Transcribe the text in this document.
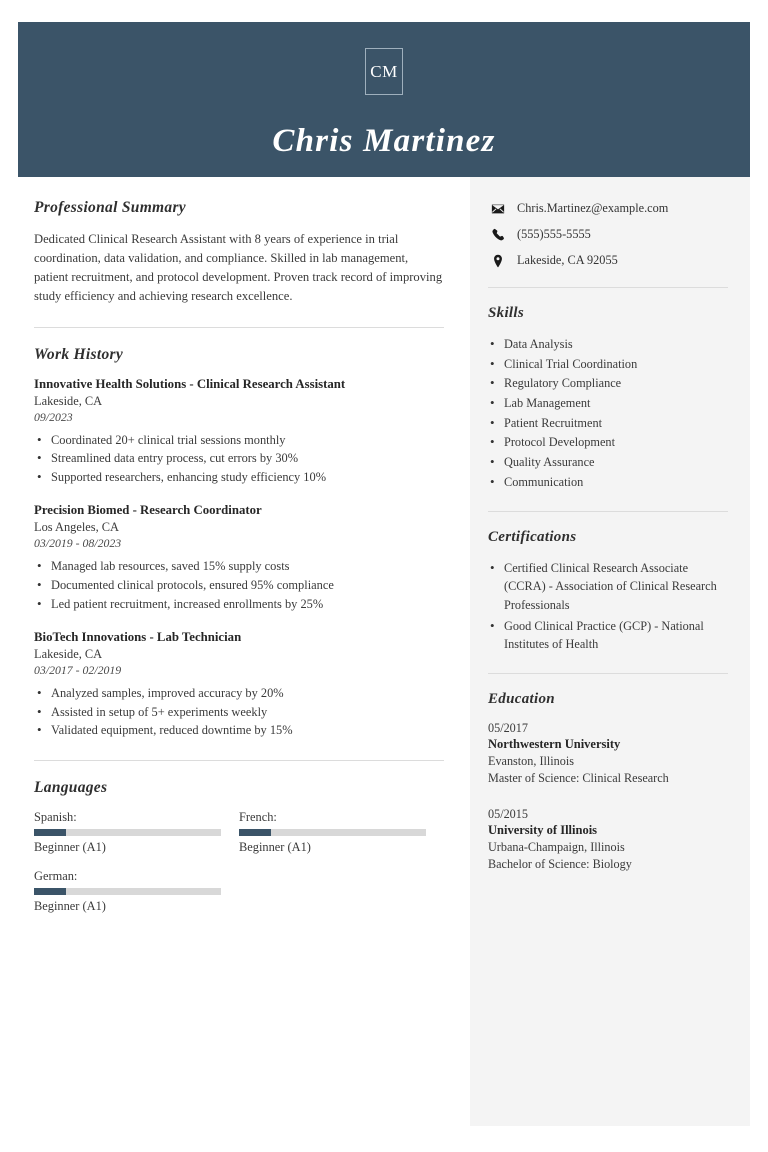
CM
Chris Martinez
Professional Summary
Dedicated Clinical Research Assistant with 8 years of experience in trial coordination, data validation, and compliance. Skilled in lab management, patient recruitment, and protocol development. Proven track record of improving study efficiency and achieving research excellence.
Work History
Innovative Health Solutions - Clinical Research Assistant
Lakeside, CA
09/2023
• Coordinated 20+ clinical trial sessions monthly
• Streamlined data entry process, cut errors by 30%
• Supported researchers, enhancing study efficiency 10%
Precision Biomed - Research Coordinator
Los Angeles, CA
03/2019 - 08/2023
• Managed lab resources, saved 15% supply costs
• Documented clinical protocols, ensured 95% compliance
• Led patient recruitment, increased enrollments by 25%
BioTech Innovations - Lab Technician
Lakeside, CA
03/2017 - 02/2019
• Analyzed samples, improved accuracy by 20%
• Assisted in setup of 5+ experiments weekly
• Validated equipment, reduced downtime by 15%
Languages
Spanish:
Beginner (A1)
French:
Beginner (A1)
German:
Beginner (A1)
Chris.Martinez@example.com
(555)555-5555
Lakeside, CA 92055
Skills
• Data Analysis
• Clinical Trial Coordination
• Regulatory Compliance
• Lab Management
• Patient Recruitment
• Protocol Development
• Quality Assurance
• Communication
Certifications
• Certified Clinical Research Associate (CCRA) - Association of Clinical Research Professionals
• Good Clinical Practice (GCP) - National Institutes of Health
Education
05/2017
Northwestern University
Evanston, Illinois
Master of Science: Clinical Research
05/2015
University of Illinois
Urbana-Champaign, Illinois
Bachelor of Science: Biology
